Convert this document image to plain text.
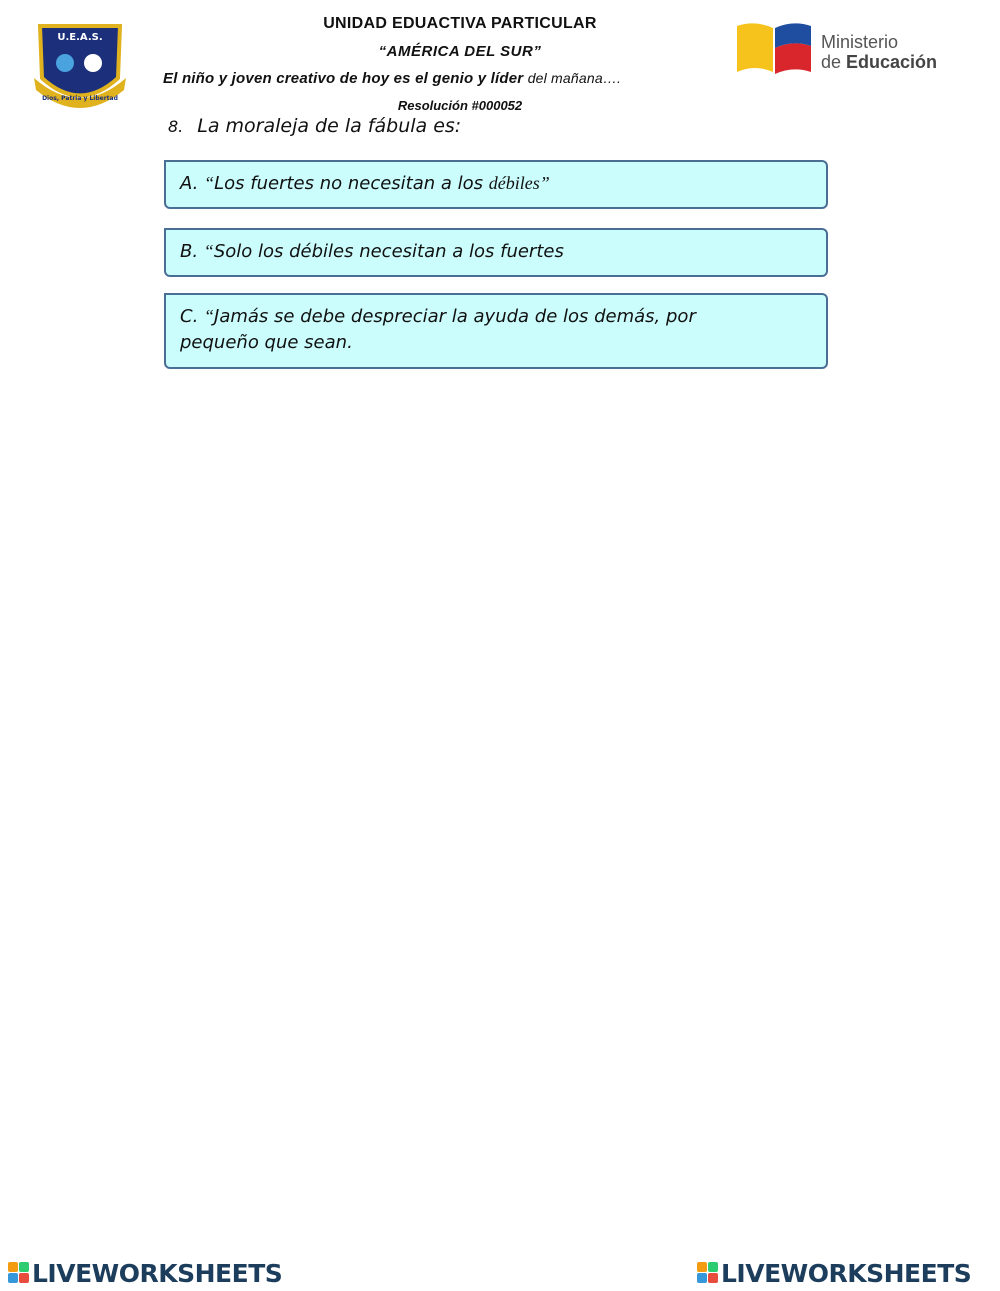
U.E.A.S.
Dios, Patria y Libertad
UNIDAD EDUACTIVA PARTICULAR
“AMÉRICA DEL SUR”
El niño y joven creativo de hoy es el genio y líder del mañana….
Resolución #000052
Ministerio
de Educación
8. La moraleja de la fábula es:
A. “Los fuertes no necesitan a los débiles”
B. “Solo los débiles necesitan a los fuertes
C. “Jamás se debe despreciar la ayuda de los demás, por
pequeño que sean.
LIVEWORKSHEETS	LIVEWORKSHEETS
